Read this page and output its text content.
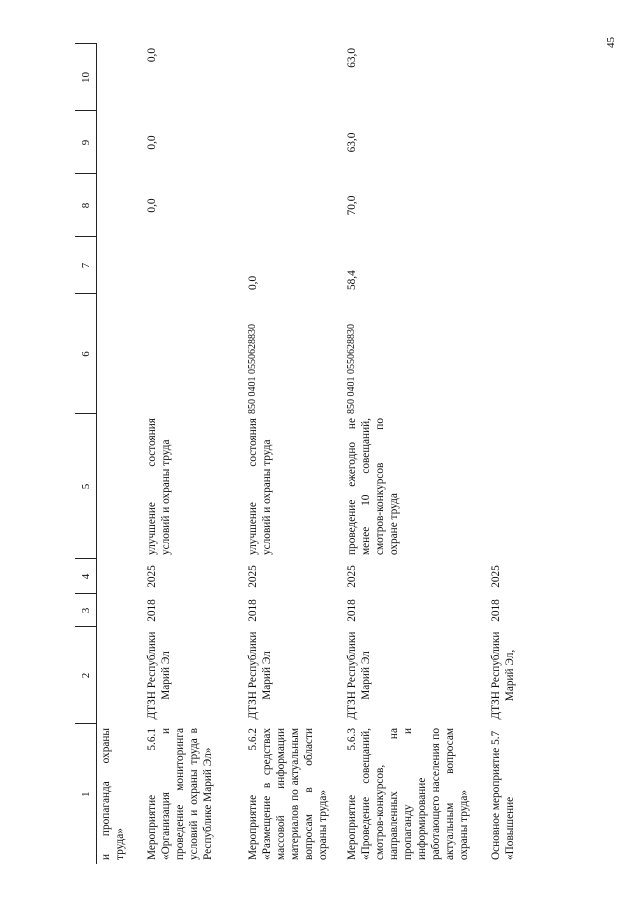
45
1	2	3	4	5	6	7	8	9	10
и пропаганда охраны труда»									
Мероприятие 5.6.1 «Организация и проведение мониторинга условий и охраны труда в Республике Марий Эл»	ДТЗН Республики Марий Эл	2018	2025	улучшение состояния условий и охраны труда			0,0	0,0	0,0
Мероприятие 5.6.2 «Размещение в средствах массовой информации материалов по актуальным вопросам в области охраны труда»	ДТЗН Республики Марий Эл	2018	2025	улучшение состояния условий и охраны труда	850 0401 0550628830	0,0			
Мероприятие 5.6.3 «Проведение совещаний, смотров-конкурсов, направленных на пропаганду и информирование работающего населения по актуальным вопросам охраны труда»	ДТЗН Республики Марий Эл	2018	2025	проведение ежегодно не менее 10 совещаний, смотров-конкурсов по охране труда	850 0401 0550628830	58,4	70,0	63,0	63,0
Основное мероприятие 5.7 «Повышение	ДТЗН Республики Марий Эл,	2018	2025						
